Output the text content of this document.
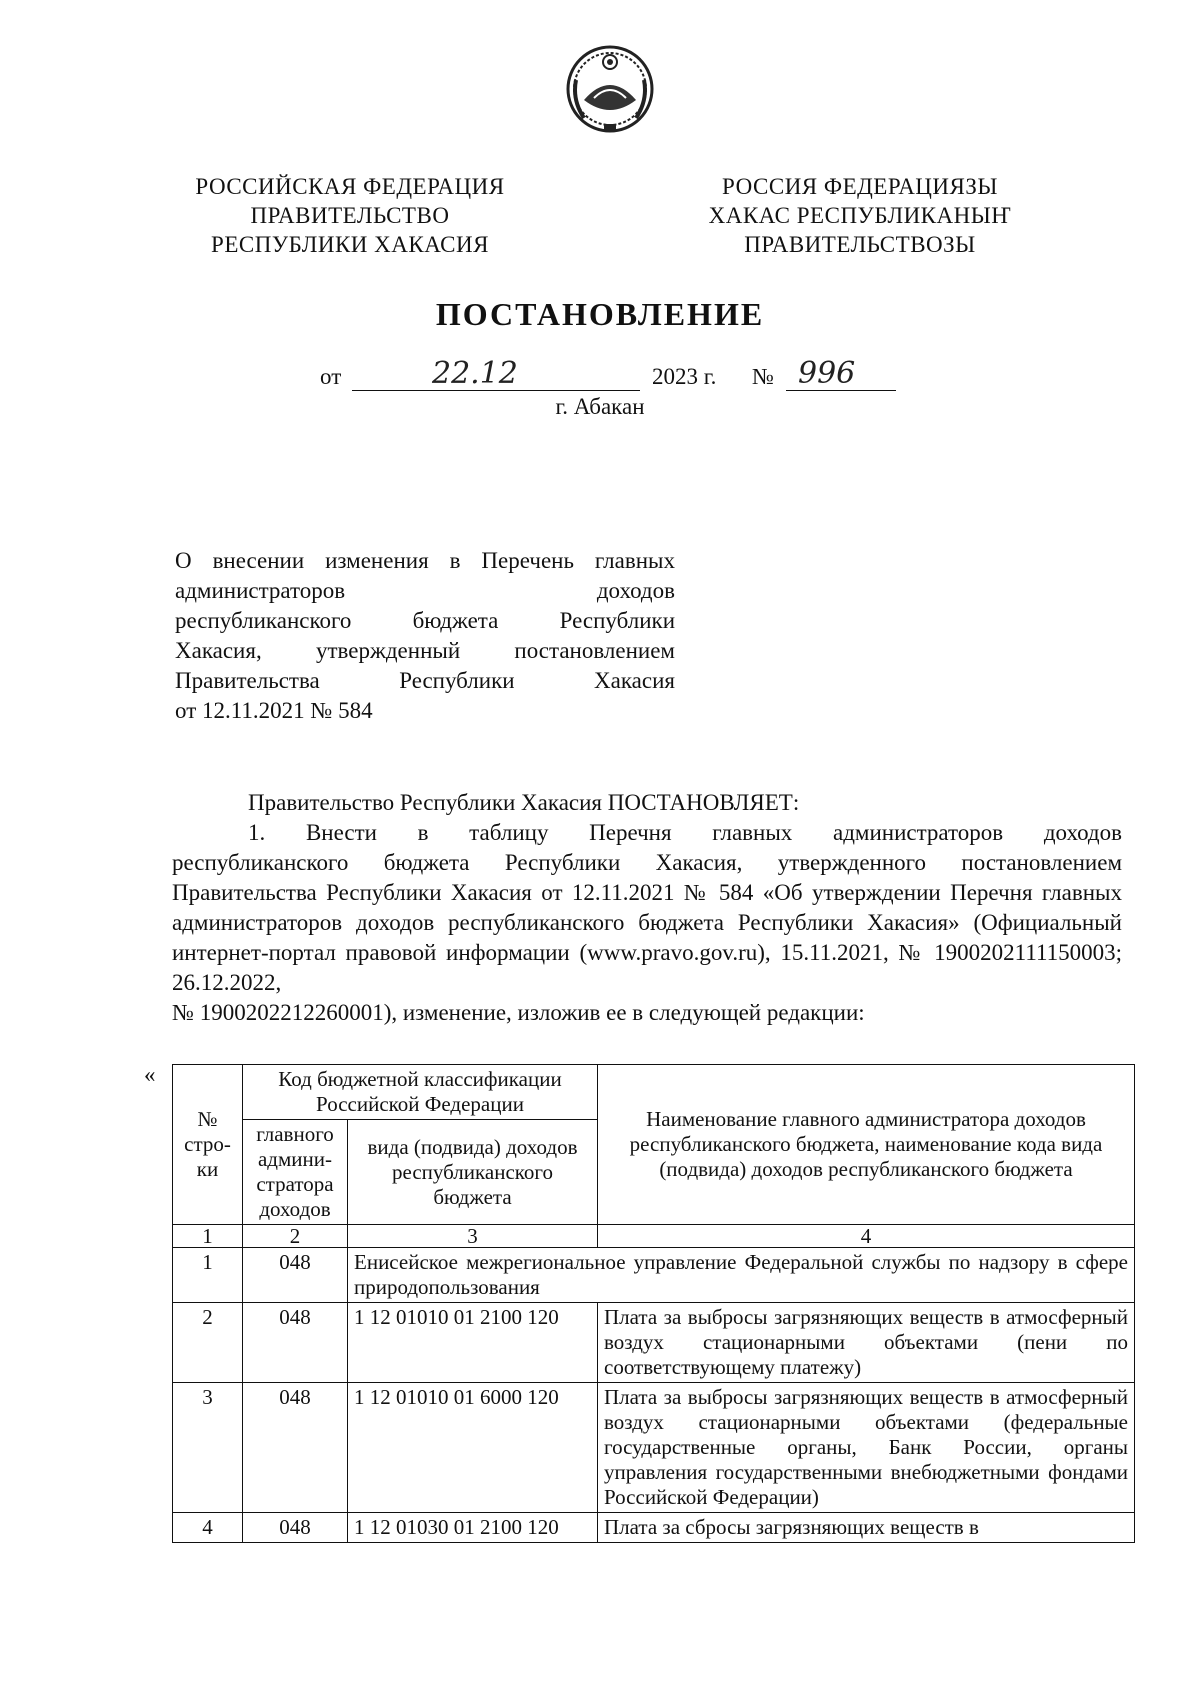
РОССИЙСКАЯ ФЕДЕРАЦИЯ
ПРАВИТЕЛЬСТВО
РЕСПУБЛИКИ ХАКАСИЯ
РОССИЯ ФЕДЕРАЦИЯЗЫ
ХАКАС РЕСПУБЛИКАНЫҤ
ПРАВИТЕЛЬСТВОЗЫ
ПОСТАНОВЛЕНИЕ
от	22.12	2023 г. № 996
г. Абакан

О внесении изменения в Перечень главных

администраторов доходов

республиканского бюджета Республики

Хакасия, утвержденный постановлением

Правительства Республики Хакасия

от 12.11.2021 № 584

Правительство Республики Хакасия ПОСТАНОВЛЯЕТ:

1. Внести в таблицу Перечня главных администраторов доходов

республиканского бюджета Республики Хакасия, утвержденного постановлением Правительства Республики Хакасия от 12.11.2021 № 584 «Об утверждении Перечня главных администраторов доходов республиканского бюджета Республики Хакасия» (Официальный интернет-портал правовой информации (www.pravo.gov.ru), 15.11.2021, № 1900202111150003; 26.12.2022,

№ 1900202212260001), изменение, изложив ее в следующей редакции:

«
№ стро-ки	Код бюджетной классификации Российской Федерации		Наименование главного администратора доходов республиканского бюджета, наименование кода вида (подвида) доходов республиканского бюджета
	главного админи-стратора доходов	вида (подвида) доходов республиканского бюджета	
1	2	3	4
1	048	Енисейское межрегиональное управление Федеральной службы по надзору в сфере природопользования	
2	048	1 12 01010 01 2100 120	Плата за выбросы загрязняющих веществ в атмосферный воздух стационарными объектами (пени по соответствующему платежу)
3	048	1 12 01010 01 6000 120	Плата за выбросы загрязняющих веществ в атмосферный воздух стационарными объектами (федеральные государственные органы, Банк России, органы управления государственными внебюджетными фондами Российской Федерации)
4	048	1 12 01030 01 2100 120	Плата за сбросы загрязняющих веществ в
